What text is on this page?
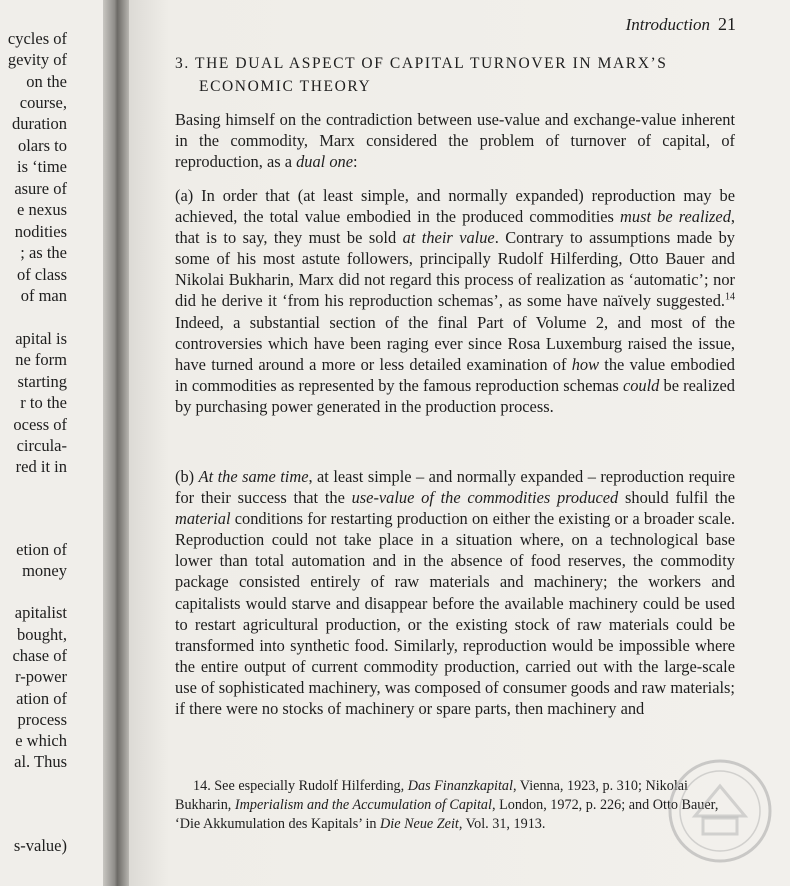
cycles of
gevity of
on the
course,
duration
olars to
is ‘time
asure of
e nexus
nodities
; as the
of class
of man
apital is
ne form
starting
r to the
ocess of
circula-
red it in
etion of
money
apitalist
bought,
chase of
r-power
ation of
process
e which
al. Thus
s-value)
Introduction 21
3. THE DUAL ASPECT OF CAPITAL TURNOVER IN MARX’S
ECONOMIC THEORY
Basing himself on the contradiction between use-value and exchange-value inherent in the commodity, Marx considered the problem of turnover of capital, of reproduction, as a dual one:
(a) In order that (at least simple, and normally expanded) reproduction may be achieved, the total value embodied in the produced commodities must be realized, that is to say, they must be sold at their value. Contrary to assumptions made by some of his most astute followers, principally Rudolf Hilferding, Otto Bauer and Nikolai Bukharin, Marx did not regard this process of realization as ‘automatic’; nor did he derive it ‘from his reproduction schemas’, as some have naïvely suggested.$^{14}$ Indeed, a substantial section of the final Part of Volume 2, and most of the controversies which have been raging ever since Rosa Luxemburg raised the issue, have turned around a more or less detailed examination of how the value embodied in commodities as represented by the famous reproduction schemas could be realized by purchasing power generated in the production process.
(b) At the same time, at least simple – and normally expanded – reproduction require for their success that the use-value of the commodities produced should fulfil the material conditions for restarting production on either the existing or a broader scale. Reproduction could not take place in a situation where, on a technological base lower than total automation and in the absence of food reserves, the commodity package consisted entirely of raw materials and machinery; the workers and capitalists would starve and disappear before the available machinery could be used to restart agricultural production, or the existing stock of raw materials could be transformed into synthetic food. Similarly, reproduction would be impossible where the entire output of current commodity production, carried out with the large-scale use of sophisticated machinery, was composed of consumer goods and raw materials; if there were no stocks of machinery or spare parts, then machinery and
14. See especially Rudolf Hilferding, Das Finanzkapital, Vienna, 1923, p. 310; Nikolai Bukharin, Imperialism and the Accumulation of Capital, London, 1972, p. 226; and Otto Bauer, ‘Die Akkumulation des Kapitals’ in Die Neue Zeit, Vol. 31, 1913.
